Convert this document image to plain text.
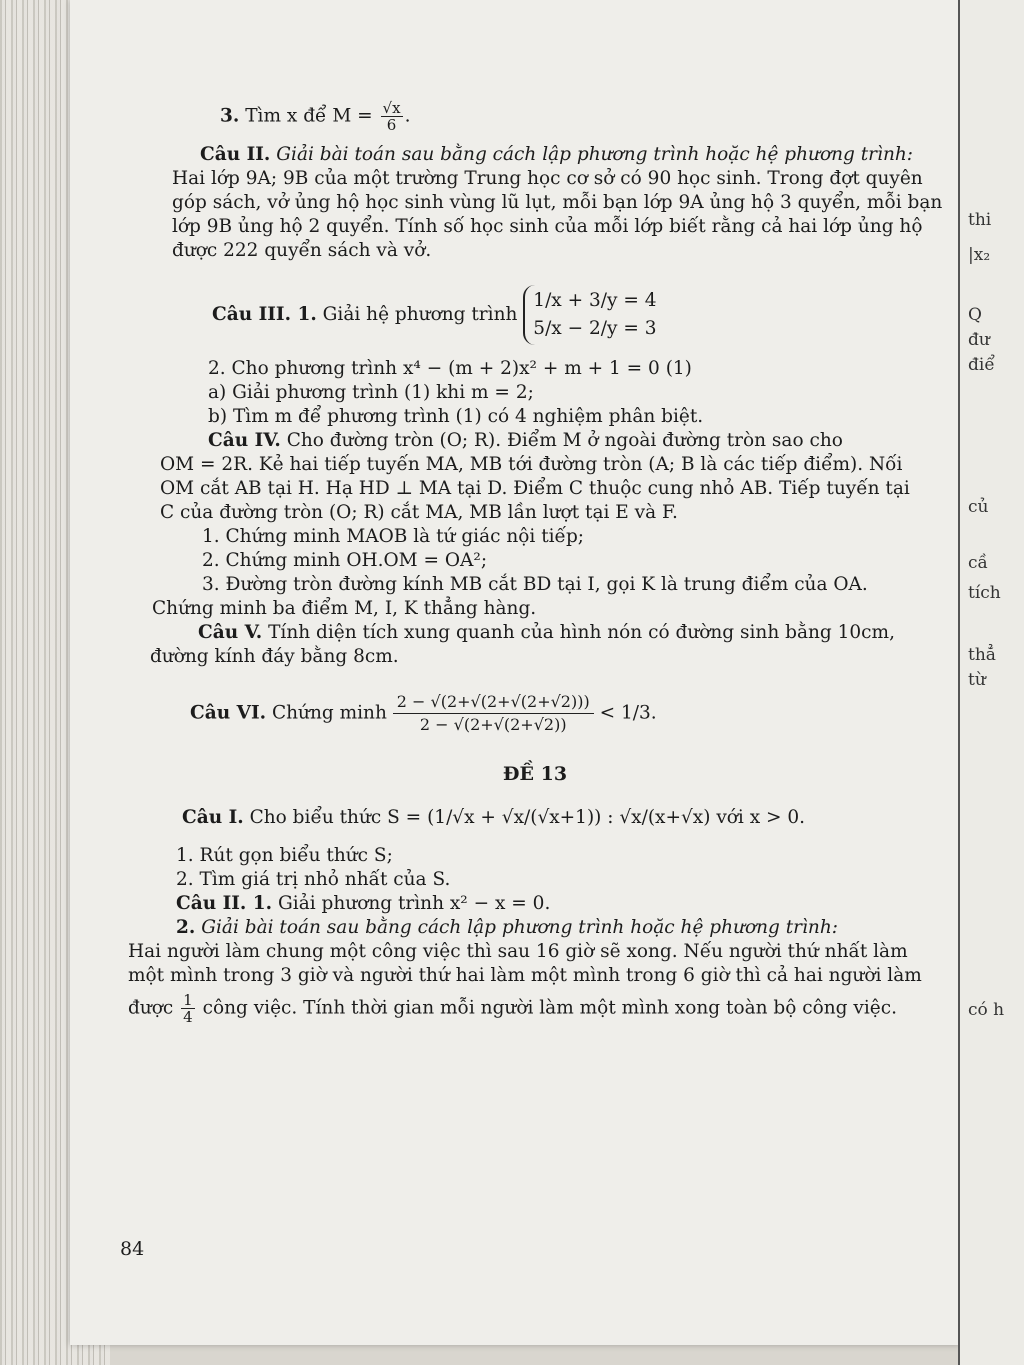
thi
|x₂
Q
đư
điể
củ
cầ
tích
thẳ
từ
có h
3. Tìm x để $M = \frac{√x}{6}$ .
Câu II. Giải bài toán sau bằng cách lập phương trình hoặc hệ phương trình:

Hai lớp 9A; 9B của một trường Trung học cơ sở có 90 học sinh. Trong đợt quyên

góp sách, vở ủng hộ học sinh vùng lũ lụt, mỗi bạn lớp 9A ủng hộ 3 quyển, mỗi bạn

lớp 9B ủng hộ 2 quyển. Tính số học sinh của mỗi lớp biết rằng cả hai lớp ủng hộ

được 222 quyển sách và vở.

Câu III. 1. Giải hệ phương trình
1/x + 3/y = 4
5/x − 2/y = 3

2. Cho phương trình x⁴ − (m + 2)x² + m + 1 = 0 (1)

a) Giải phương trình (1) khi m = 2;

b) Tìm m để phương trình (1) có 4 nghiệm phân biệt.

Câu IV. Cho đường tròn (O; R). Điểm M ở ngoài đường tròn sao cho

OM = 2R. Kẻ hai tiếp tuyến MA, MB tới đường tròn (A; B là các tiếp điểm). Nối

OM cắt AB tại H. Hạ HD ⊥ MA tại D. Điểm C thuộc cung nhỏ AB. Tiếp tuyến tại

C của đường tròn (O; R) cắt MA, MB lần lượt tại E và F.

1. Chứng minh MAOB là tứ giác nội tiếp;

2. Chứng minh OH.OM = OA²;

3. Đường tròn đường kính MB cắt BD tại I, gọi K là trung điểm của OA.

Chứng minh ba điểm M, I, K thẳng hàng.

Câu V. Tính diện tích xung quanh của hình nón có đường sinh bằng 10cm,

đường kính đáy bằng 8cm.

Câu VI. Chứng minh $\frac{2 - √(2+√(2+√(2+√2)))}{2 - √(2+√(2+√2))} < 1/3$.
ĐỀ 13
Câu I. Cho biểu thức S = (1/√x + √x/(√x+1)) : √x/(x+√x) với x > 0.

1. Rút gọn biểu thức S;

2. Tìm giá trị nhỏ nhất của S.

Câu II. 1. Giải phương trình x² − x = 0.
2. Giải bài toán sau bằng cách lập phương trình hoặc hệ phương trình:

Hai người làm chung một công việc thì sau 16 giờ sẽ xong. Nếu người thứ nhất làm

một mình trong 3 giờ và người thứ hai làm một mình trong 6 giờ thì cả hai người làm

được $\frac{1}{4}$ công việc. Tính thời gian mỗi người làm một mình xong toàn bộ công việc.
84
